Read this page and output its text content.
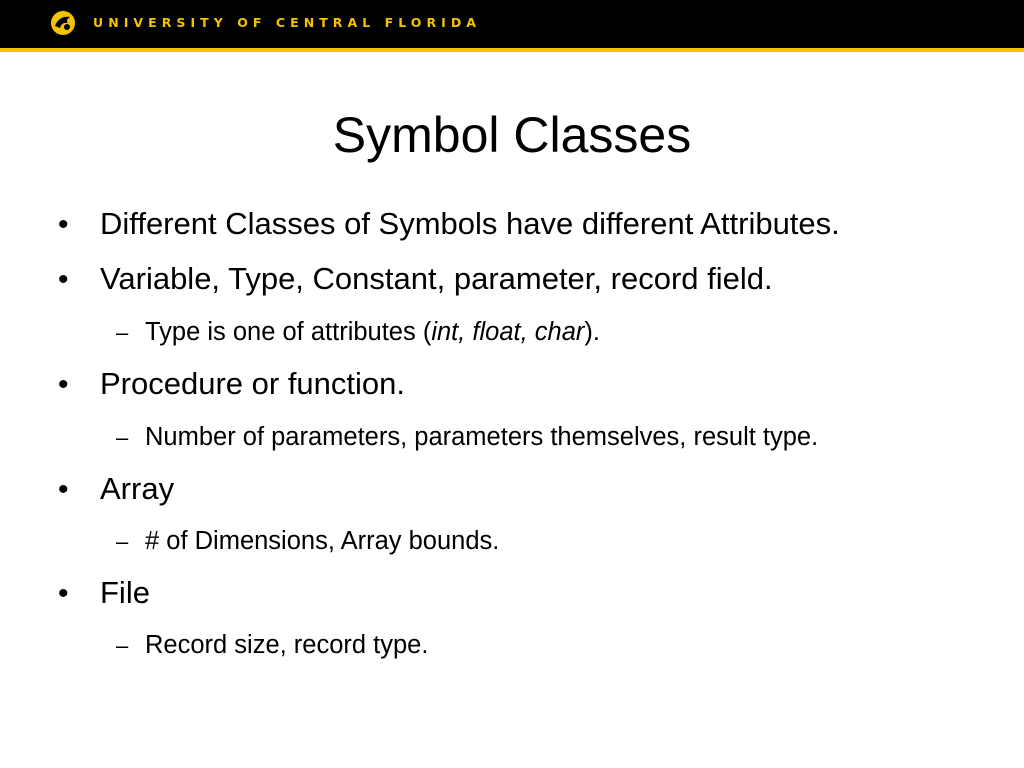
UNIVERSITY OF CENTRAL FLORIDA
Symbol Classes
• Different Classes of Symbols have different Attributes.
• Variable, Type, Constant, parameter, record field.
– Type is one of attributes (int, float, char).
• Procedure or function.
– Number of parameters, parameters themselves, result type.
• Array
– # of Dimensions, Array bounds.
• File
– Record size, record type.
